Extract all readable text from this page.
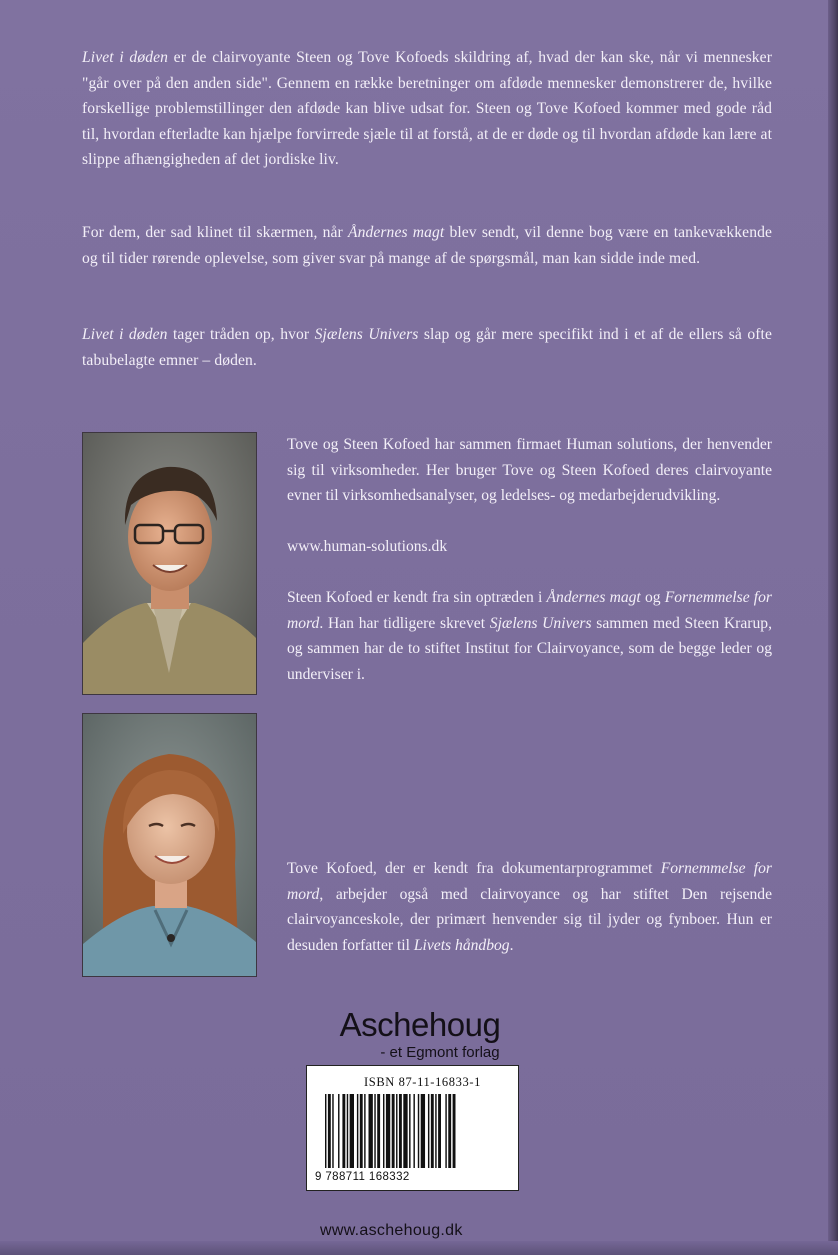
Livet i døden er de clairvoyante Steen og Tove Kofoeds skildring af, hvad der kan ske, når vi mennesker "går over på den anden side". Gennem en række beretninger om afdøde mennesker demonstrerer de, hvilke forskellige problemstillinger den afdøde kan blive udsat for. Steen og Tove Kofoed kommer med gode råd til, hvordan efterladte kan hjælpe forvirrede sjæle til at forstå, at de er døde og til hvordan afdøde kan lære at slippe afhængigheden af det jordiske liv.

For dem, der sad klinet til skærmen, når Åndernes magt blev sendt, vil denne bog være en tankevækkende og til tider rørende oplevelse, som giver svar på mange af de spørgsmål, man kan sidde inde med.

Livet i døden tager tråden op, hvor Sjælens Univers slap og går mere specifikt ind i et af de ellers så ofte tabubelagte emner – døden.

Tove og Steen Kofoed har sammen firmaet Human solutions, der henvender sig til virksomheder. Her bruger Tove og Steen Kofoed deres clairvoyante evner til virksomhedsanalyser, og ledelses- og medarbejderudvikling.

www.human-solutions.dk

Steen Kofoed er kendt fra sin optræden i Åndernes magt og Fornemmelse for mord. Han har tidligere skrevet Sjælens Univers sammen med Steen Krarup, og sammen har de to stiftet Institut for Clairvoyance, som de begge leder og underviser i.

Tove Kofoed, der er kendt fra dokumentarprogrammet Fornemmelse for mord, arbejder også med clairvoyance og har stiftet Den rejsende clairvoyanceskole, der primært henvender sig til jyder og fynboer. Hun er desuden forfatter til Livets håndbog.

Aschehoug
- et Egmont forlag
ISBN 87-11-16833-1
9 788711 168332
www.aschehoug.dk
